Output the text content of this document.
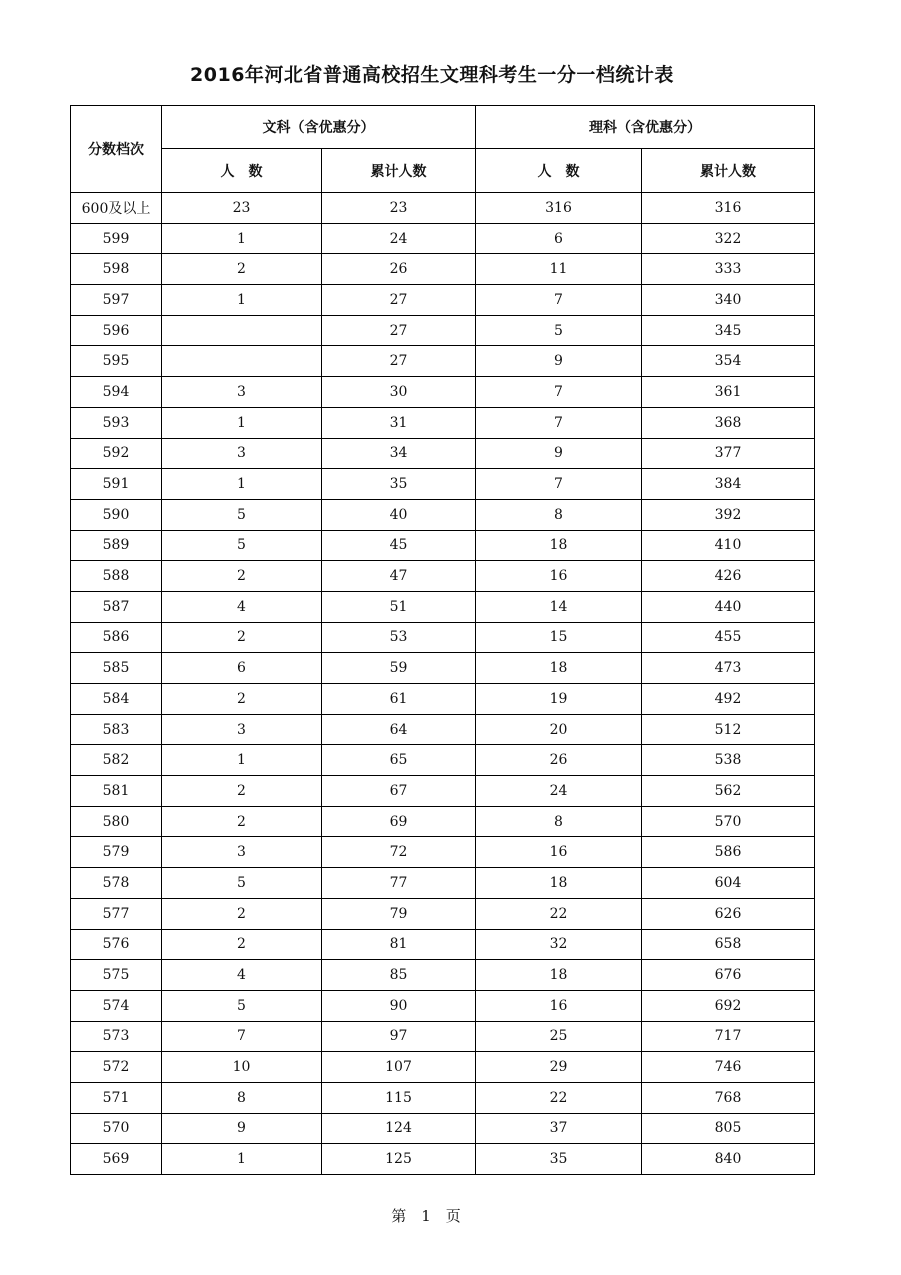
2016年河北省普通高校招生文理科考生一分一档统计表
分数档次	文科（含优惠分）		理科（含优惠分）	
	人　数	累计人数	人　数	累计人数
600及以上	23	23	316	316
599	1	24	6	322
598	2	26	11	333
597	1	27	7	340
596		27	5	345
595		27	9	354
594	3	30	7	361
593	1	31	7	368
592	3	34	9	377
591	1	35	7	384
590	5	40	8	392
589	5	45	18	410
588	2	47	16	426
587	4	51	14	440
586	2	53	15	455
585	6	59	18	473
584	2	61	19	492
583	3	64	20	512
582	1	65	26	538
581	2	67	24	562
580	2	69	8	570
579	3	72	16	586
578	5	77	18	604
577	2	79	22	626
576	2	81	32	658
575	4	85	18	676
574	5	90	16	692
573	7	97	25	717
572	10	107	29	746
571	8	115	22	768
570	9	124	37	805
569	1	125	35	840
第　1　页
